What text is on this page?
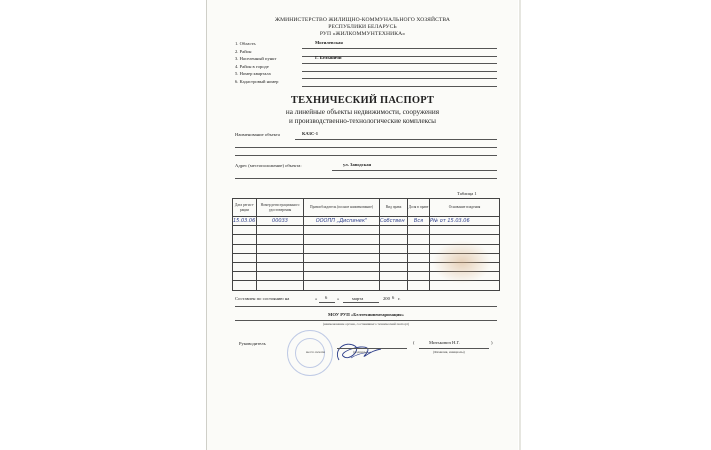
ЖМИНИСТЕРСТВО ЖИЛИЩНО-КОММУНАЛЬНОГО ХОЗЯЙСТВА
РЕСПУБЛИКИ БЕЛАРУСЬ
РУП «ЖИЛКОММУНТЕХНИКА»
1. Область	Могилевская
2. Район
3. Населенный пункт	Г. Белыничи
4. Район в городе
5. Номер квартала
6. Кадастровый номер
ТЕХНИЧЕСКИЙ ПАСПОРТ
на линейные объекты недвижимости, сооружения
и производственно-технологические комплексы
Наименование объекта	КАЗС-1
Адрес (местоположение) объекта:	ул. Заводская
Таблица 1
Дата регист-рации	Номер регистрационного удостоверения	Правообладатель (полное наименование)	Вид права	Доля в праве	Основание владения
15.03.06	00033	ОООПП „Диспинек"	Собствен	Вся	Р№ от 15.03.06

Составлен по состоянию на	« 6 »	марта	200 6 г.
МОУ РУП «Белтехинвентаризация»
(наименование органа, составившего технический паспорт)
Руководитель
место печати	(подпись)
(	Митькович Н.Г.	)
(Фамилия, инициалы)
